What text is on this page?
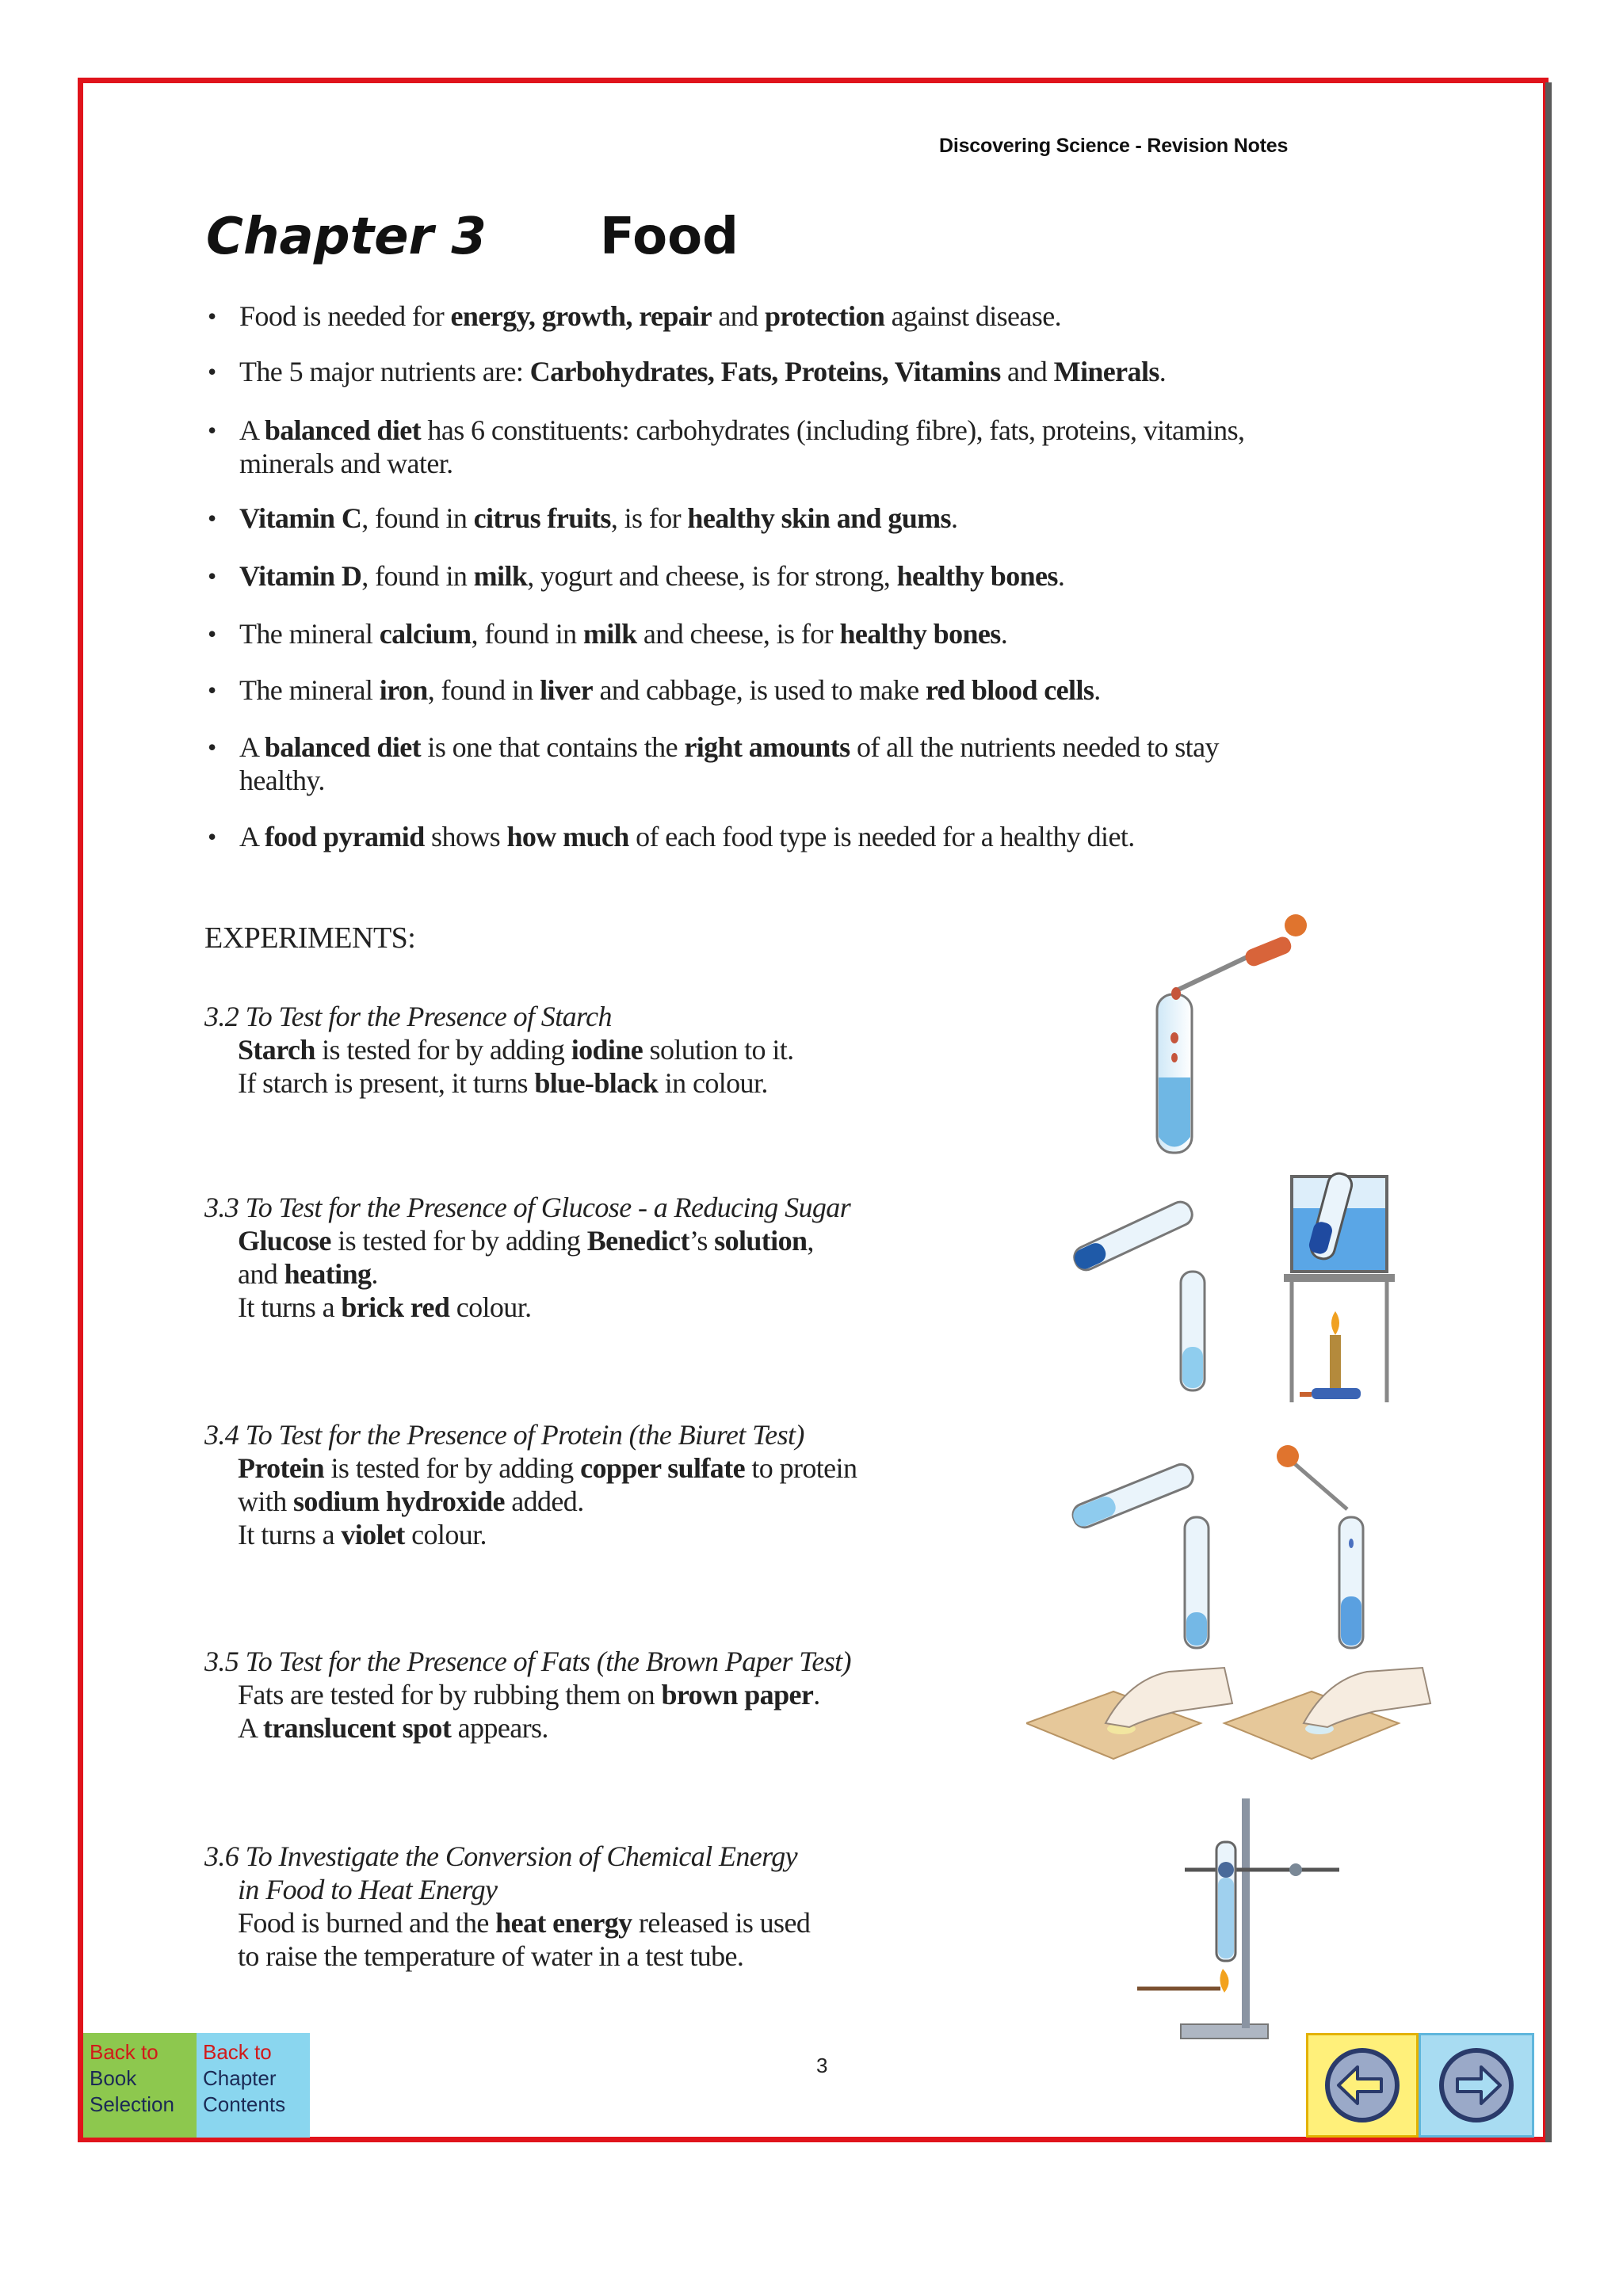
Discovering Science - Revision Notes
Chapter 3 Food
• Food is needed for energy, growth, repair and protection against disease.
• The 5 major nutrients are: Carbohydrates, Fats, Proteins, Vitamins and Minerals.
• A balanced diet has 6 constituents: carbohydrates (including fibre), fats, proteins, vitamins, minerals and water.
• Vitamin C, found in citrus fruits, is for healthy skin and gums.
• Vitamin D, found in milk, yogurt and cheese, is for strong, healthy bones.
• The mineral calcium, found in milk and cheese, is for healthy bones.
• The mineral iron, found in liver and cabbage, is used to make red blood cells.
• A balanced diet is one that contains the right amounts of all the nutrients needed to stay healthy.
• A food pyramid shows how much of each food type is needed for a healthy diet.
EXPERIMENTS:
3.2 To Test for the Presence of Starch
Starch is tested for by adding iodine solution to it.
If starch is present, it turns blue-black in colour.
3.3 To Test for the Presence of Glucose - a Reducing Sugar
Glucose is tested for by adding Benedict’s solution,
and heating.
It turns a brick red colour.
3.4 To Test for the Presence of Protein (the Biuret Test)
Protein is tested for by adding copper sulfate to protein
with sodium hydroxide added.
It turns a violet colour.
3.5 To Test for the Presence of Fats (the Brown Paper Test)
Fats are tested for by rubbing them on brown paper.
A translucent spot appears.
3.6 To Investigate the Conversion of Chemical Energy
in Food to Heat Energy
Food is burned and the heat energy released is used
to raise the temperature of water in a test tube.
3
Back to
Book
Selection
Back to
Chapter
Contents
